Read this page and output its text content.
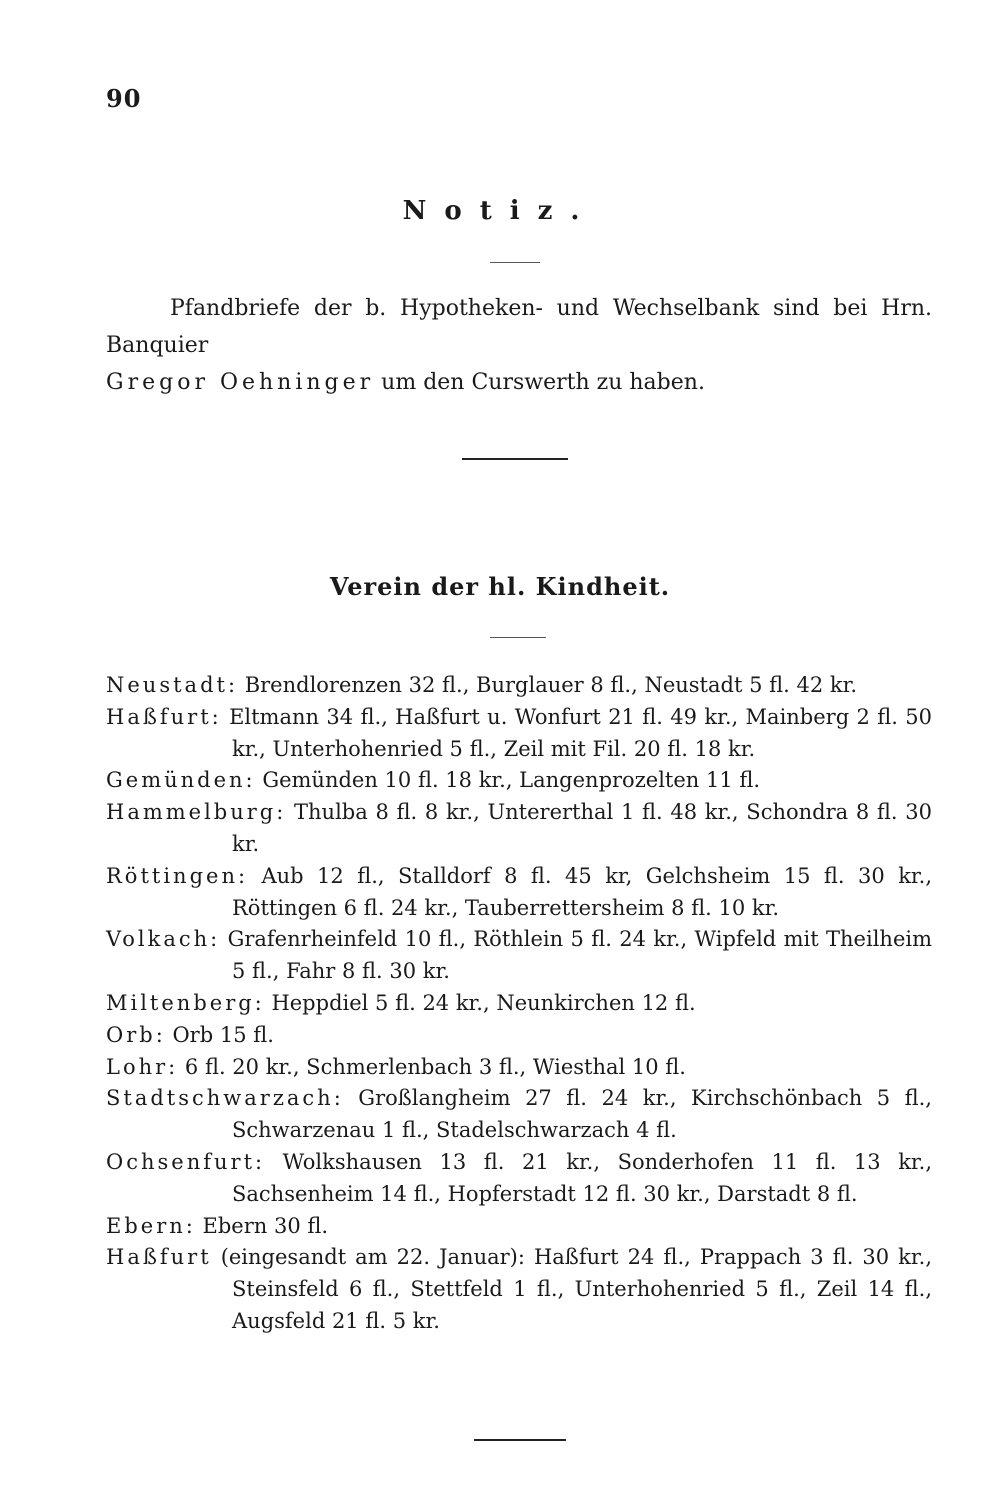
90
Notiz.
Pfandbriefe der b. Hypotheken- und Wechselbank sind bei Hrn. Banquier
Gregor Oehninger um den Curswerth zu haben.
Verein der hl. Kindheit.
Neustadt: Brendlorenzen 32 fl., Burglauer 8 fl., Neustadt 5 fl. 42 kr.
Haßfurt: Eltmann 34 fl., Haßfurt u. Wonfurt 21 fl. 49 kr., Mainberg 2 fl. 50 kr., Unterhohenried 5 fl., Zeil mit Fil. 20 fl. 18 kr.
Gemünden: Gemünden 10 fl. 18 kr., Langenprozelten 11 fl.
Hammelburg: Thulba 8 fl. 8 kr., Untererthal 1 fl. 48 kr., Schondra 8 fl. 30 kr.
Röttingen: Aub 12 fl., Stalldorf 8 fl. 45 kr, Gelchsheim 15 fl. 30 kr., Röttingen 6 fl. 24 kr., Tauberrettersheim 8 fl. 10 kr.
Volkach: Grafenrheinfeld 10 fl., Röthlein 5 fl. 24 kr., Wipfeld mit Theilheim 5 fl., Fahr 8 fl. 30 kr.
Miltenberg: Heppdiel 5 fl. 24 kr., Neunkirchen 12 fl.
Orb: Orb 15 fl.
Lohr: 6 fl. 20 kr., Schmerlenbach 3 fl., Wiesthal 10 fl.
Stadtschwarzach: Großlangheim 27 fl. 24 kr., Kirchschönbach 5 fl., Schwarzenau 1 fl., Stadelschwarzach 4 fl.
Ochsenfurt: Wolkshausen 13 fl. 21 kr., Sonderhofen 11 fl. 13 kr., Sachsenheim 14 fl., Hopferstadt 12 fl. 30 kr., Darstadt 8 fl.
Ebern: Ebern 30 fl.
Haßfurt (eingesandt am 22. Januar): Haßfurt 24 fl., Prappach 3 fl. 30 kr., Steinsfeld 6 fl., Stettfeld 1 fl., Unterhohenried 5 fl., Zeil 14 fl., Augsfeld 21 fl. 5 kr.
